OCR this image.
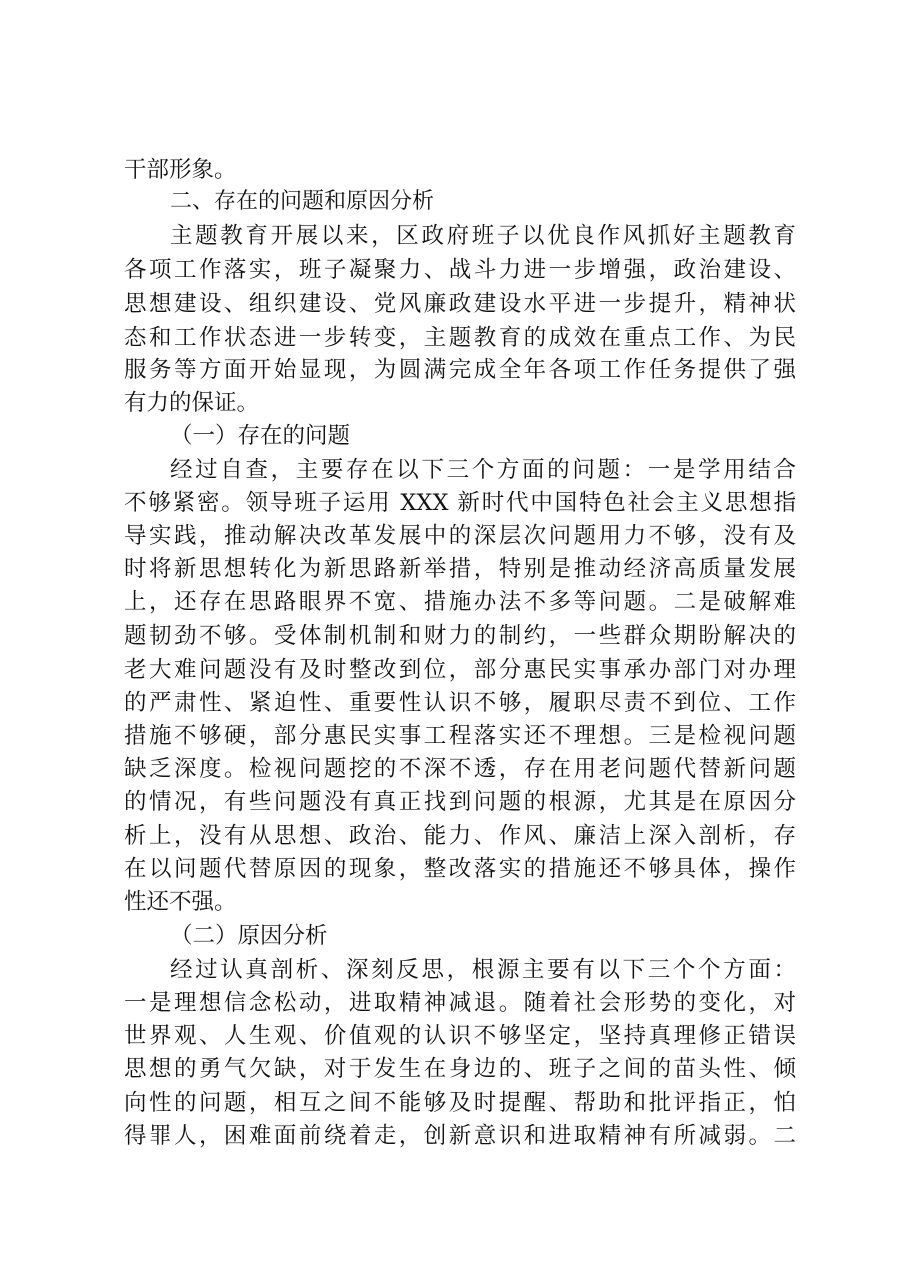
干部形象。
二、存在的问题和原因分析
主题教育开展以来，区政府班子以优良作风抓好主题教育
各项工作落实，班子凝聚力、战斗力进一步增强，政治建设、
思想建设、组织建设、党风廉政建设水平进一步提升，精神状
态和工作状态进一步转变，主题教育的成效在重点工作、为民
服务等方面开始显现，为圆满完成全年各项工作任务提供了强
有力的保证。
（一）存在的问题
经过自查，主要存在以下三个方面的问题：一是学用结合
不够紧密。领导班子运用 XXX 新时代中国特色社会主义思想指
导实践，推动解决改革发展中的深层次问题用力不够，没有及
时将新思想转化为新思路新举措，特别是推动经济高质量发展
上，还存在思路眼界不宽、措施办法不多等问题。二是破解难
题韧劲不够。受体制机制和财力的制约，一些群众期盼解决的
老大难问题没有及时整改到位，部分惠民实事承办部门对办理
的严肃性、紧迫性、重要性认识不够，履职尽责不到位、工作
措施不够硬，部分惠民实事工程落实还不理想。三是检视问题
缺乏深度。检视问题挖的不深不透，存在用老问题代替新问题
的情况，有些问题没有真正找到问题的根源，尤其是在原因分
析上，没有从思想、政治、能力、作风、廉洁上深入剖析，存
在以问题代替原因的现象，整改落实的措施还不够具体，操作
性还不强。
（二）原因分析
经过认真剖析、深刻反思，根源主要有以下三个个方面：
一是理想信念松动，进取精神减退。随着社会形势的变化，对
世界观、人生观、价值观的认识不够坚定，坚持真理修正错误
思想的勇气欠缺，对于发生在身边的、班子之间的苗头性、倾
向性的问题，相互之间不能够及时提醒、帮助和批评指正，怕
得罪人，困难面前绕着走，创新意识和进取精神有所减弱。二
